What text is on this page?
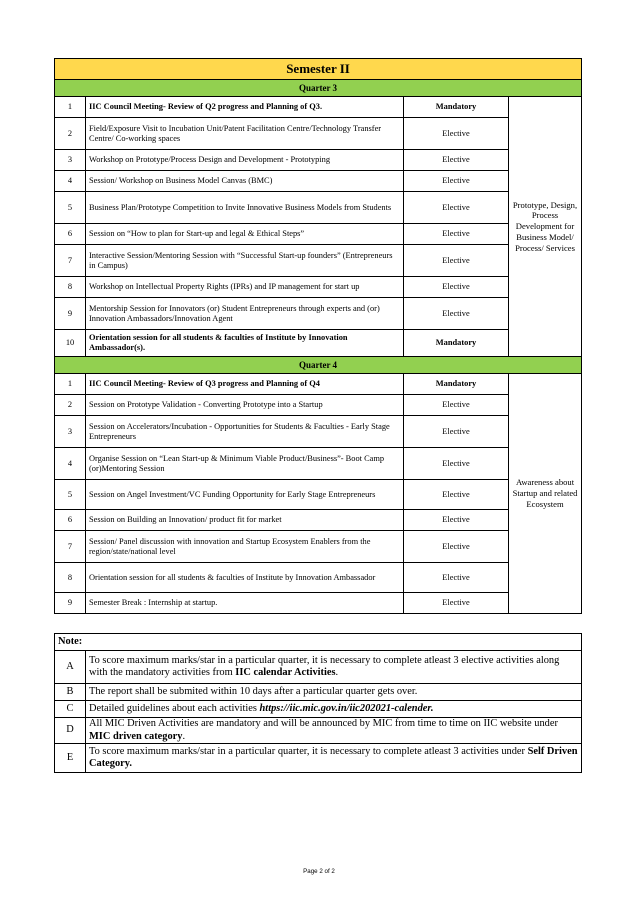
Semester II			
Quarter 3			
1	IIC Council Meeting- Review of Q2 progress and Planning of Q3.	Mandatory	Prototype, Design, Process Development for Business Model/ Process/ Services
2	Field/Exposure Visit to Incubation Unit/Patent Facilitation Centre/Technology Transfer Centre/ Co-working spaces	Elective	
3	Workshop on Prototype/Process Design and Development - Prototyping	Elective	
4	Session/ Workshop on Business Model Canvas (BMC)	Elective	
5	Business Plan/Prototype Competition to Invite Innovative Business Models from Students	Elective	
6	Session on “How to plan for Start-up and legal & Ethical Steps”	Elective	
7	Interactive Session/Mentoring Session with “Successful Start-up founders” (Entrepreneurs in Campus)	Elective	
8	Workshop on Intellectual Property Rights (IPRs) and IP management for start up	Elective	
9	Mentorship Session for Innovators (or) Student Entrepreneurs through experts and (or) Innovation Ambassadors/Innovation Agent	Elective	
10	Orientation session for all students & faculties of Institute by Innovation Ambassador(s).	Mandatory	
Quarter 4			
1	IIC Council Meeting- Review of Q3 progress and Planning of Q4	Mandatory	Awareness about Startup and related Ecosystem
2	Session on Prototype Validation - Converting Prototype into a Startup	Elective	
3	Session on Accelerators/Incubation - Opportunities for Students & Faculties - Early Stage Entrepreneurs	Elective	
4	Organise Session on “Lean Start-up & Minimum Viable Product/Business”- Boot Camp (or)Mentoring Session	Elective	
5	Session on Angel Investment/VC Funding Opportunity for Early Stage Entrepreneurs	Elective	
6	Session on Building an Innovation/ product fit for market	Elective	
7	Session/ Panel discussion with innovation and Startup Ecosystem Enablers from the region/state/national level	Elective	
8	Orientation session for all students & faculties of Institute by Innovation Ambassador	Elective	
9	Semester Break : Internship at startup.	Elective	
Note:	
A	To score maximum marks/star in a particular quarter, it is necessary to complete atleast 3 elective activities along with the mandatory activities from IIC calendar Activities.
B	The report shall be submited within 10 days after a particular quarter gets over.
C	Detailed guidelines about each activities https://iic.mic.gov.in/iic202021-calender.
D	All MIC Driven Activities are mandatory and will be announced by MIC from time to time on IIC website under MIC driven category.
E	To score maximum marks/star in a particular quarter, it is necessary to complete atleast 3 activities under Self Driven Category.
Page 2 of 2
